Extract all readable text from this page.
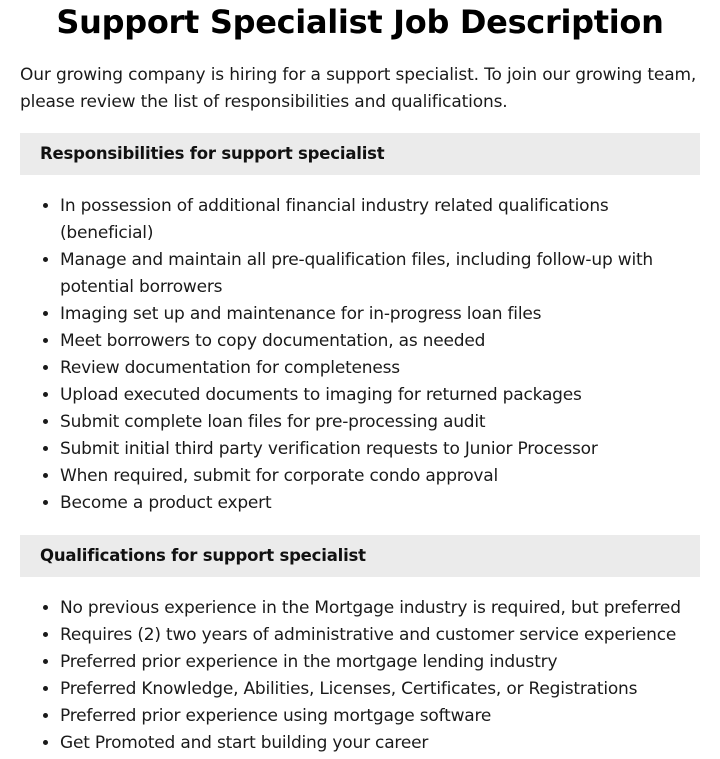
Support Specialist Job Description

Our growing company is hiring for a support specialist. To join our growing team, please review the list of responsibilities and qualifications.

Responsibilities for support specialist
• In possession of additional financial industry related qualifications (beneficial)
• Manage and maintain all pre-qualification files, including follow-up with potential borrowers
• Imaging set up and maintenance for in-progress loan files
• Meet borrowers to copy documentation, as needed
• Review documentation for completeness
• Upload executed documents to imaging for returned packages
• Submit complete loan files for pre-processing audit
• Submit initial third party verification requests to Junior Processor
• When required, submit for corporate condo approval
• Become a product expert
Qualifications for support specialist
• No previous experience in the Mortgage industry is required, but preferred
• Requires (2) two years of administrative and customer service experience
• Preferred prior experience in the mortgage lending industry
• Preferred Knowledge, Abilities, Licenses, Certificates, or Registrations
• Preferred prior experience using mortgage software
• Get Promoted and start building your career
